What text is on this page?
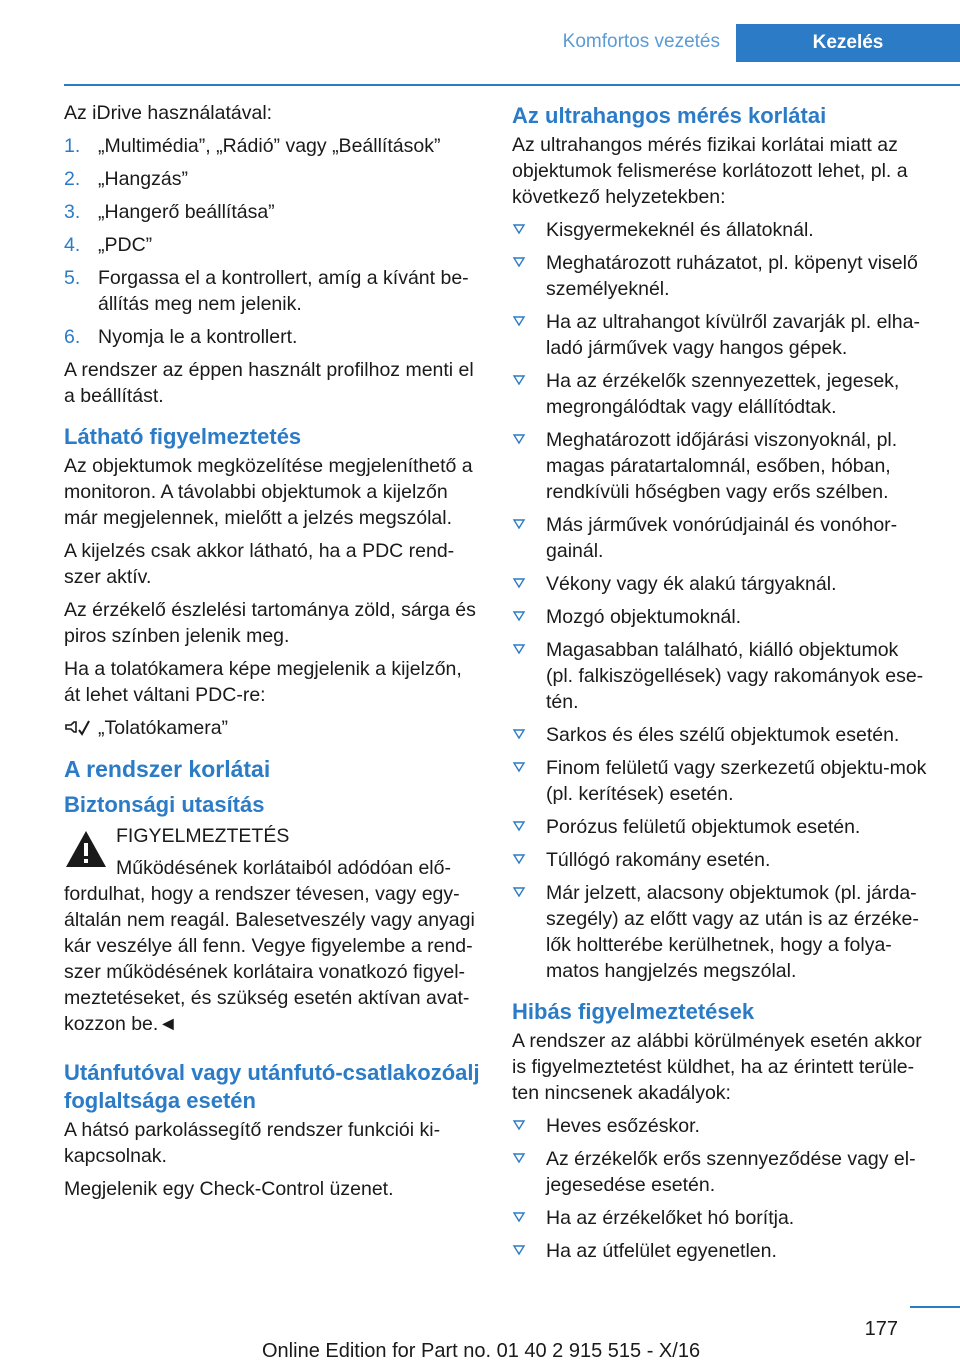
Komfortos vezetés	Kezelés

Az iDrive használatával:

1. „Multimédia”, „Rádió” vagy „Beállítások”
2. „Hangzás”
3. „Hangerő beállítása”
4. „PDC”
5. Forgassa el a kontrollert, amíg a kívánt be‐állítás meg nem jelenik.
6. Nyomja le a kontrollert.

A rendszer az éppen használt profilhoz menti el a beállítást.

Látható figyelmeztetés

Az objektumok megközelítése megjeleníthető a monitoron. A távolabbi objektumok a kijelzőn már megjelennek, mielőtt a jelzés megszólal.

A kijelzés csak akkor látható, ha a PDC rend‐szer aktív.

Az érzékelő észlelési tartománya zöld, sárga és piros színben jelenik meg.

Ha a tolatókamera képe megjelenik a kijelzőn, át lehet váltani PDC-re:

„Tolatókamera”
A rendszer korlátai
Biztonsági utasítás
FIGYELMEZTETÉS

Működésének korlátaiból adódóan elő‐fordulhat, hogy a rendszer tévesen, vagy egy‐általán nem reagál. Balesetveszély vagy anyagi kár veszélye áll fenn. Vegye figyelembe a rend‐szer működésének korlátaira vonatkozó figyel‐meztetéseket, és szükség esetén aktívan avat‐kozzon be.◄

Utánfutóval vagy utánfutó-csatlakozóalj foglaltsága esetén

A hátsó parkolássegítő rendszer funkciói ki‐kapcsolnak.

Megjelenik egy Check-Control üzenet.

Az ultrahangos mérés korlátai

Az ultrahangos mérés fizikai korlátai miatt az objektumok felismerése korlátozott lehet, pl. a következő helyzetekben:

Kisgyermekeknél és állatoknál.
Meghatározott ruházatot, pl. köpenyt viselő személyeknél.
Ha az ultrahangot kívülről zavarják pl. elha‐ladó járművek vagy hangos gépek.
Ha az érzékelők szennyezettek, jegesek, megrongálódtak vagy elállítódtak.
Meghatározott időjárási viszonyoknál, pl. magas páratartalomnál, esőben, hóban, rendkívüli hőségben vagy erős szélben.
Más járművek vonórúdjainál és vonóhor‐gainál.
Vékony vagy ék alakú tárgyaknál.
Mozgó objektumoknál.
Magasabban található, kiálló objektumok (pl. falkiszögellések) vagy rakományok ese‐tén.
Sarkos és éles szélű objektumok esetén.
Finom felületű vagy szerkezetű objektu‐mok (pl. kerítések) esetén.
Porózus felületű objektumok esetén.
Túllógó rakomány esetén.
Már jelzett, alacsony objektumok (pl. járda‐szegély) az előtt vagy az után is az érzéke‐lők holtterébe kerülhetnek, hogy a folya‐matos hangjelzés megszólal.
Hibás figyelmeztetések

A rendszer az alábbi körülmények esetén akkor is figyelmeztetést küldhet, ha az érintett terüle‐ten nincsenek akadályok:

Heves esőzéskor.
Az érzékelők erős szennyeződése vagy el‐jegesedése esetén.
Ha az érzékelőket hó borítja.
Ha az útfelület egyenetlen.
177
Online Edition for Part no. 01 40 2 915 515 - X/16
